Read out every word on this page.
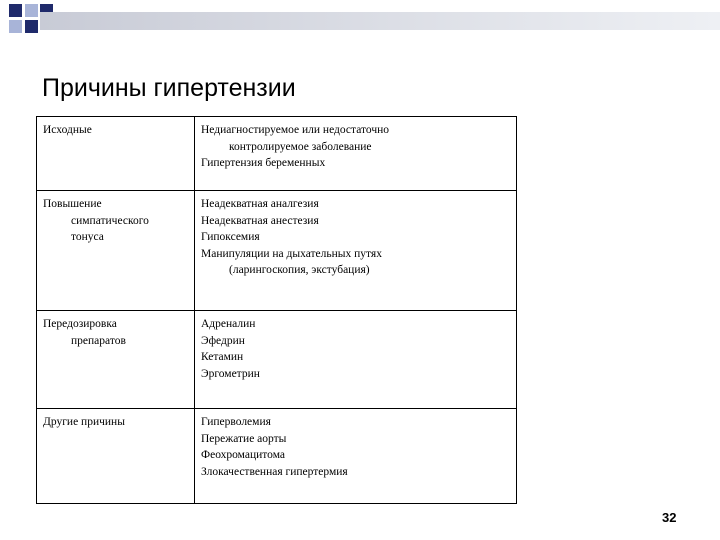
Причины гипертензии
Исходные	Недиагностируемое или недостаточно
контролируемое заболевание
Гипертензия беременных

Повышение
симпатического
тонуса	Неадекватная аналгезия
Неадекватная анестезия
Гипоксемия
Манипуляции на дыхательных путях
(ларингоскопия, экстубация)

Передозировка
препаратов	Адреналин
Эфедрин
Кетамин
Эргометрин

Другие причины	Гиперволемия
Пережатие аорты
Феохромацитома
Злокачественная гипертермия
32
